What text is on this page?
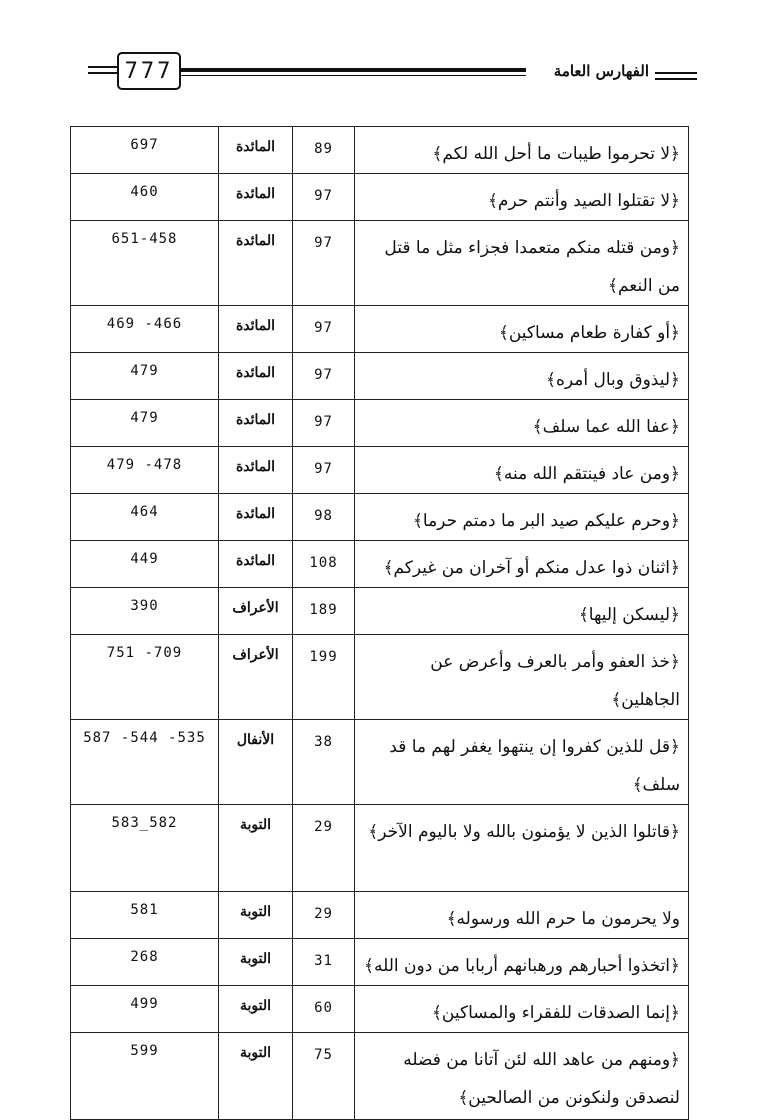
777	الفهارس العامة
697	المائدة	89	﴿لا تحرموا طيبات ما أحل الله لكم﴾
460	المائدة	97	﴿لا تقتلوا الصيد وأنتم حرم﴾
651-458	المائدة	97	﴿ومن قتله منكم متعمدا فجزاء مثل ما قتل من النعم﴾
469 -466	المائدة	97	﴿أو كفارة طعام مساكين﴾
479	المائدة	97	﴿ليذوق وبال أمره﴾
479	المائدة	97	﴿عفا الله عما سلف﴾
479 -478	المائدة	97	﴿ومن عاد فينتقم الله منه﴾
464	المائدة	98	﴿وحرم عليكم صيد البر ما دمتم حرما﴾
449	المائدة	108	﴿اثنان ذوا عدل منكم أو آخران من غيركم﴾
390	الأعراف	189	﴿ليسكن إليها﴾
751 -709	الأعراف	199	﴿خذ العفو وأمر بالعرف وأعرض عن الجاهلين﴾
587 -544 -535	الأنفال	38	﴿قل للذين كفروا إن ينتهوا يغفر لهم ما قد سلف﴾
583_582	التوبة	29	﴿قاتلوا الذين لا يؤمنون بالله ولا باليوم الآخر﴾
581	التوبة	29	ولا يحرمون ما حرم الله ورسوله﴾
268	التوبة	31	﴿اتخذوا أحبارهم ورهبانهم أربابا من دون الله﴾
499	التوبة	60	﴿إنما الصدقات للفقراء والمساكين﴾
599	التوبة	75	﴿ومنهم من عاهد الله لئن آتانا من فضله لنصدقن ولنكونن من الصالحين﴾
